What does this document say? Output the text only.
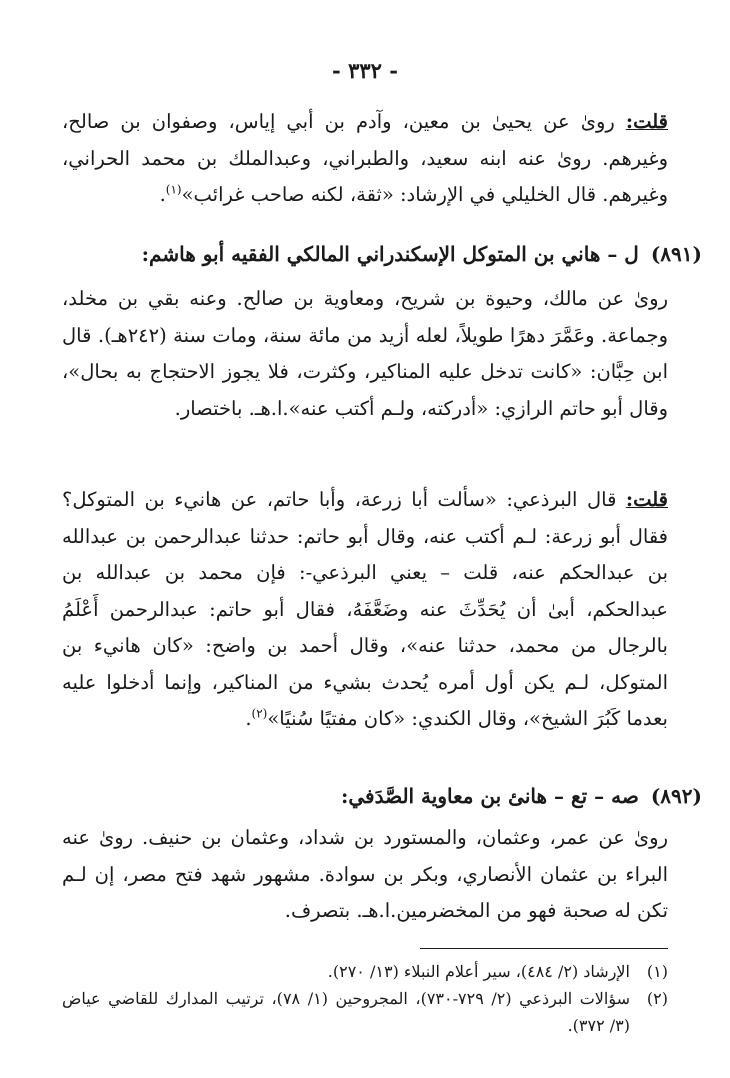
- ٣٣٢ -

قلت: روىٰ عن يحيىٰ بن معين، وآدم بن أبي إياس، وصفوان بن صالح، وغيرهم. روىٰ عنه ابنه سعيد، والطبراني، وعبدالملك بن محمد الحراني، وغيرهم. قال الخليلي في الإرشاد: «ثقة، لكنه صاحب غرائب»$^{(١)}$.

(٨٩١)ل – هاني بن المتوكل الإسكندراني المالكي الفقيه أبو هاشم:

روىٰ عن مالك، وحيوة بن شريح، ومعاوية بن صالح. وعنه بقي بن مخلد، وجماعة. وعَمَّرَ دهرًا طويلاً، لعله أزيد من مائة سنة، ومات سنة (٢٤٢هـ). قال ابن حِبَّان: «كانت تدخل عليه المناكير، وكثرت، فلا يجوز الاحتجاج به بحال»، وقال أبو حاتم الرازي: «أدركته، ولـم أكتب عنه».ا.هـ. باختصار.

قلت: قال البرذعي: «سألت أبا زرعة، وأبا حاتم، عن هانيء بن المتوكل؟ فقال أبو زرعة: لـم أكتب عنه، وقال أبو حاتم: حدثنا عبدالرحمن بن عبدالله بن عبدالحكم عنه، قلت – يعني البرذعي-: فإن محمد بن عبدالله بن عبدالحكم، أبىٰ أن يُحَدِّثَ عنه وضَعَّفَهُ، فقال أبو حاتم: عبدالرحمن أَعْلَمُ بالرجال من محمد، حدثنا عنه»، وقال أحمد بن واضح: «كان هانيء بن المتوكل، لـم يكن أول أمره يُحدث بشيء من المناكير، وإنما أدخلوا عليه بعدما كَبُرَ الشيخ»، وقال الكندي: «كان مفتيًا سُنيًا»$^{(٢)}$.

(٨٩٢)صه – تع – هانئ بن معاوية الصَّدَفي:

روىٰ عن عمر، وعثمان، والمستورد بن شداد، وعثمان بن حنيف. روىٰ عنه البراء بن عثمان الأنصاري، وبكر بن سوادة. مشهور شهد فتح مصر، إن لـم تكن له صحبة فهو من المخضرمين.ا.هـ. بتصرف.

(١)
الإرشاد (٢/ ٤٨٤)، سير أعلام النبلاء (١٣/ ٢٧٠).
(٢)
سؤالات البرذعي (٢/ ٧٢٩-٧٣٠)، المجروحين (١/ ٧٨)، ترتيب المدارك للقاضي عياض (٣/ ٣٧٢).
